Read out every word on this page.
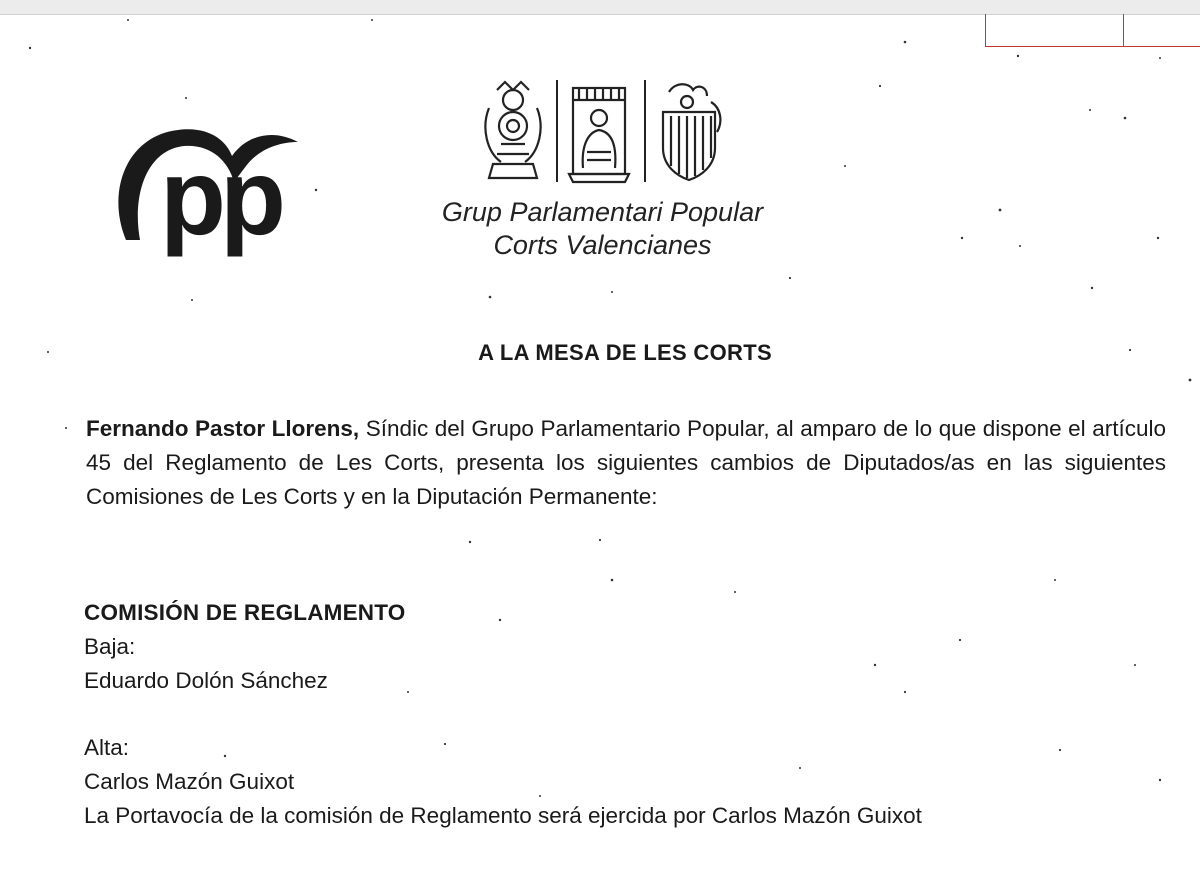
pp	Grup Parlamentari Popular
Corts Valencianes
A LA MESA DE LES CORTS
Fernando Pastor Llorens, Síndic del Grupo Parlamentario Popular, al amparo de lo que dispone el artículo 45 del Reglamento de Les Corts, presenta los siguientes cambios de Diputados/as en las siguientes Comisiones de Les Corts y en la Diputación Permanente:
COMISIÓN DE REGLAMENTO
Baja:
Eduardo Dolón Sánchez
Alta:
Carlos Mazón Guixot
La Portavocía de la comisión de Reglamento será ejercida por Carlos Mazón Guixot
